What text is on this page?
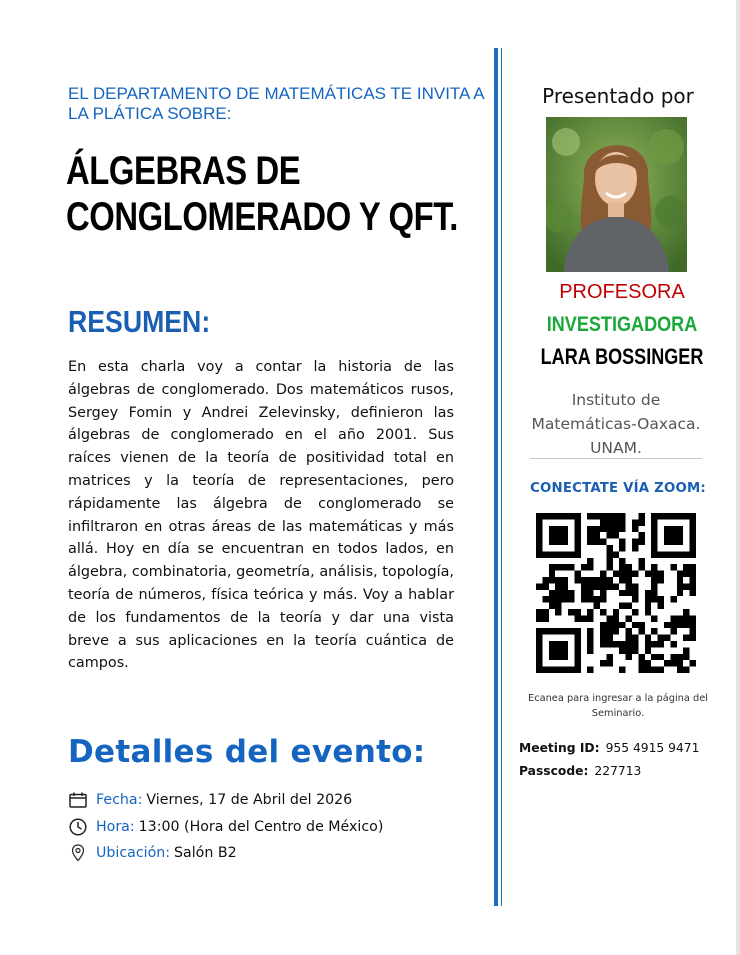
EL DEPARTAMENTO DE MATEMÁTICAS TE INVITA A LA PLÁTICA SOBRE:
ÁLGEBRAS DE
CONGLOMERADO Y QFT.
RESUMEN:
En esta charla voy a contar la historia de las álgebras de conglomerado. Dos matemáticos rusos, Sergey Fomin y Andrei Zelevinsky, definieron las álgebras de conglomerado en el año 2001. Sus raíces vienen de la teoría de positividad total en matrices y la teoría de representaciones, pero rápidamente las álgebra de conglomerado se infiltraron en otras áreas de las matemáticas y más allá. Hoy en día se encuentran en todos lados, en álgebra, combinatoria, geometría, análisis, topología, teoría de números, física teórica y más. Voy a hablar de los fundamentos de la teoría y dar una vista breve a sus aplicaciones en la teoría cuántica de campos.
Detalles del evento:
Fecha: Viernes, 17 de Abril del 2026
Hora: 13:00 (Hora del Centro de México)
Ubicación: Salón B2
Presentado por
PROFESORA
INVESTIGADORA
LARA BOSSINGER
Instituto de
Matemáticas-Oaxaca.
UNAM.
CONECTATE VÍA ZOOM:
Ecanea para ingresar a la página del Seminario.
Meeting ID: 955 4915 9471
Passcode: 227713
